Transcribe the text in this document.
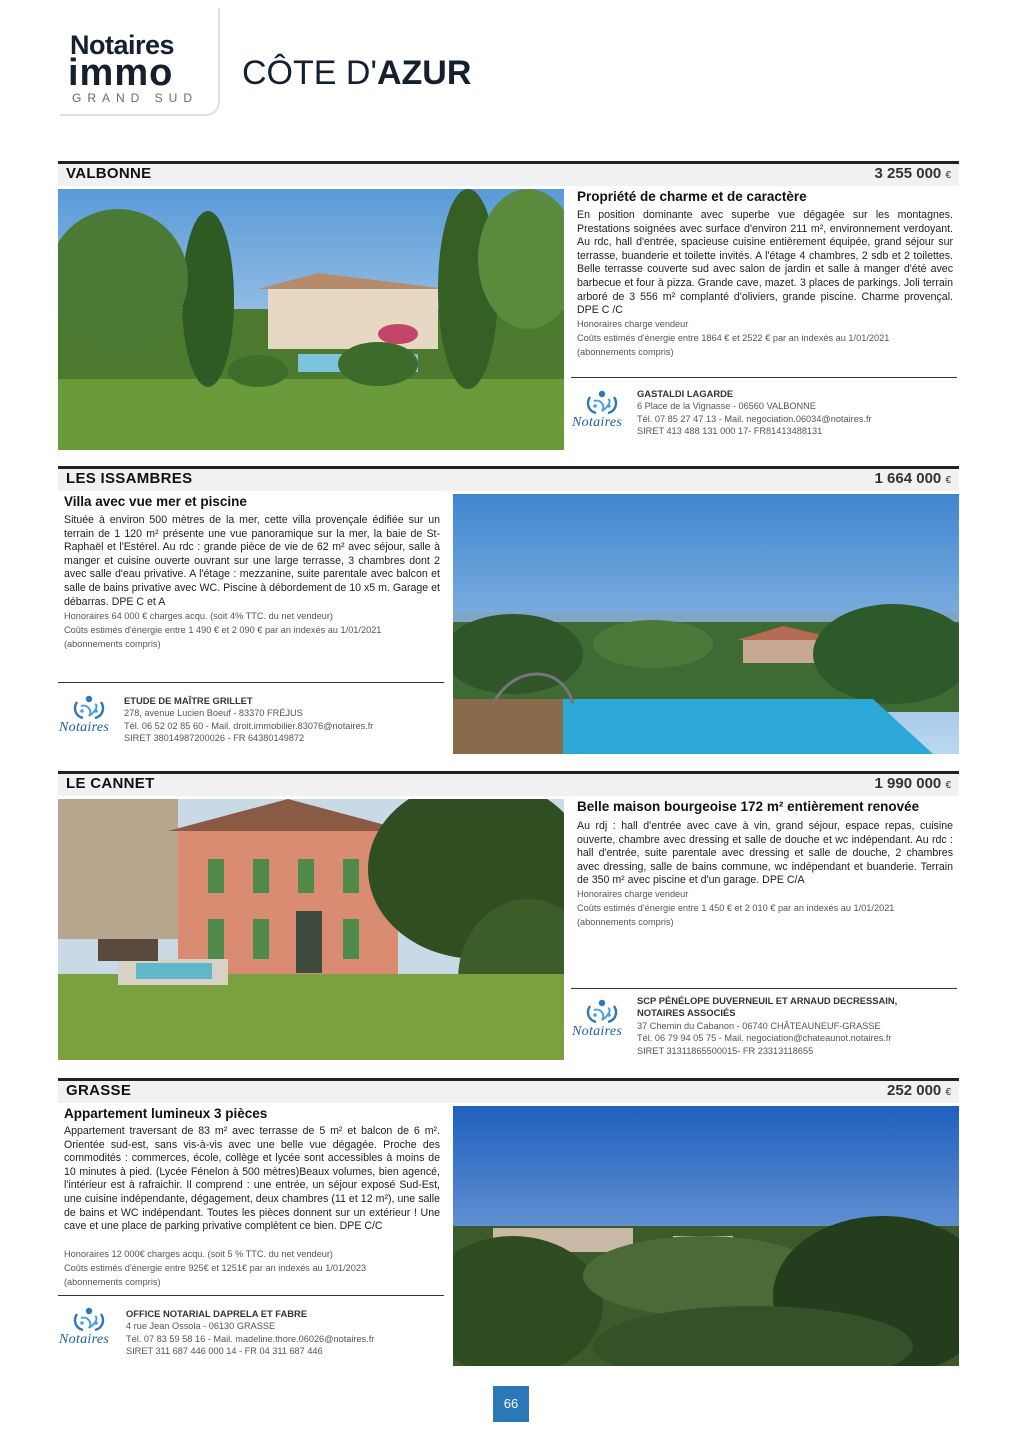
Notaires
immo
GRAND SUD
CÔTE D'AZUR
VALBONNE	3 255 000 €
Propriété de charme et de caractère
En position dominante avec superbe vue dégagée sur les montagnes. Prestations soignées avec surface d'environ 211 m², environnement verdoyant. Au rdc, hall d'entrée, spacieuse cuisine entièrement équipée, grand séjour sur terrasse, buanderie et toilette invités. A l'étage 4 chambres, 2 sdb et 2 toilettes. Belle terrasse couverte sud avec salon de jardin et salle à manger d'été avec barbecue et four à pizza. Grande cave, mazet. 3 places de parkings. Joli terrain arboré de 3 556 m² complanté d'oliviers, grande piscine. Charme provençal. DPE C /C
Honoraires charge vendeur
Coûts estimés d'énergie entre 1864 € et 2522 € par an indexés au 1/01/2021
(abonnements compris)
Notaires
GASTALDI LAGARDE
6 Place de la Vignasse - 06560 VALBONNE
Tél. 07 85 27 47 13 - Mail. negociation.06034@notaires.fr
SIRET 413 488 131 000 17- FR81413488131
LES ISSAMBRES	1 664 000 €
Villa avec vue mer et piscine
Située à environ 500 mètres de la mer, cette villa provençale édifiée sur un terrain de 1 120 m² présente une vue panoramique sur la mer, la baie de St-Raphaël et l'Estérel. Au rdc : grande pièce de vie de 62 m² avec séjour, salle à manger et cuisine ouverte ouvrant sur une large terrasse, 3 chambres dont 2 avec salle d'eau privative. A l'étage : mezzanine, suite parentale avec balcon et salle de bains privative avec WC. Piscine à débordement de 10 x5 m. Garage et débarras. DPE C et A
Honoraires 64 000 € charges acqu. (soit 4% TTC. du net vendeur)
Coûts estimés d'énergie entre 1 490 € et 2 090 € par an indexés au 1/01/2021
(abonnements compris)
Notaires
ETUDE DE MAÎTRE GRILLET
278, avenue Lucien Boeuf - 83370 FRÉJUS
Tél. 06 52 02 85 60 - Mail. droit.immobilier.83076@notaires.fr
SIRET 38014987200026 - FR 64380149872
LE CANNET	1 990 000 €
Belle maison bourgeoise 172 m² entièrement renovée
Au rdj : hall d'entrée avec cave à vin, grand séjour, espace repas, cuisine ouverte, chambre avec dressing et salle de douche et wc indépendant. Au rdc : hall d'entrée, suite parentale avec dressing et salle de douche, 2 chambres avec dressing, salle de bains commune, wc indépendant et buanderie. Terrain de 350 m² avec piscine et d'un garage. DPE C/A
Honoraires charge vendeur
Coûts estimés d'énergie entre 1 450 € et 2 010 € par an indexés au 1/01/2021
(abonnements compris)
Notaires
SCP PÉNÉLOPE DUVERNEUIL ET ARNAUD DECRESSAIN,
NOTAIRES ASSOCIÉS
37 Chemin du Cabanon - 06740 CHÂTEAUNEUF-GRASSE
Tél. 06 79 94 05 75 - Mail. negociation@chateaunot.notaires.fr
SIRET 31311865500015- FR 23313118655
GRASSE	252 000 €
Appartement lumineux 3 pièces
Appartement traversant de 83 m² avec terrasse de 5 m² et balcon de 6 m². Orientée sud-est, sans vis-à-vis avec une belle vue dégagée. Proche des commodités : commerces, école, collège et lycée sont accessibles à moins de 10 minutes à pied. (Lycée Fénelon à 500 mètres)Beaux volumes, bien agencé, l'intérieur est à rafraichir. Il comprend : une entrée, un séjour exposé Sud-Est, une cuisine indépendante, dégagement, deux chambres (11 et 12 m²), une salle de bains et WC indépendant. Toutes les pièces donnent sur un extérieur ! Une cave et une place de parking privative complètent ce bien. DPE C/C
Honoraires 12 000€ charges acqu. (soit 5 % TTC. du net vendeur)
Coûts estimés d'énergie entre 925€ et 1251€ par an indexés au 1/01/2023
(abonnements compris)
Notaires
OFFICE NOTARIAL DAPRELA ET FABRE
4 rue Jean Ossola - 06130 GRASSE
Tél. 07 83 59 58 16 - Mail. madeline.thore.06026@notaires.fr
SIRET 311 687 446 000 14 - FR 04 311 687 446
66
